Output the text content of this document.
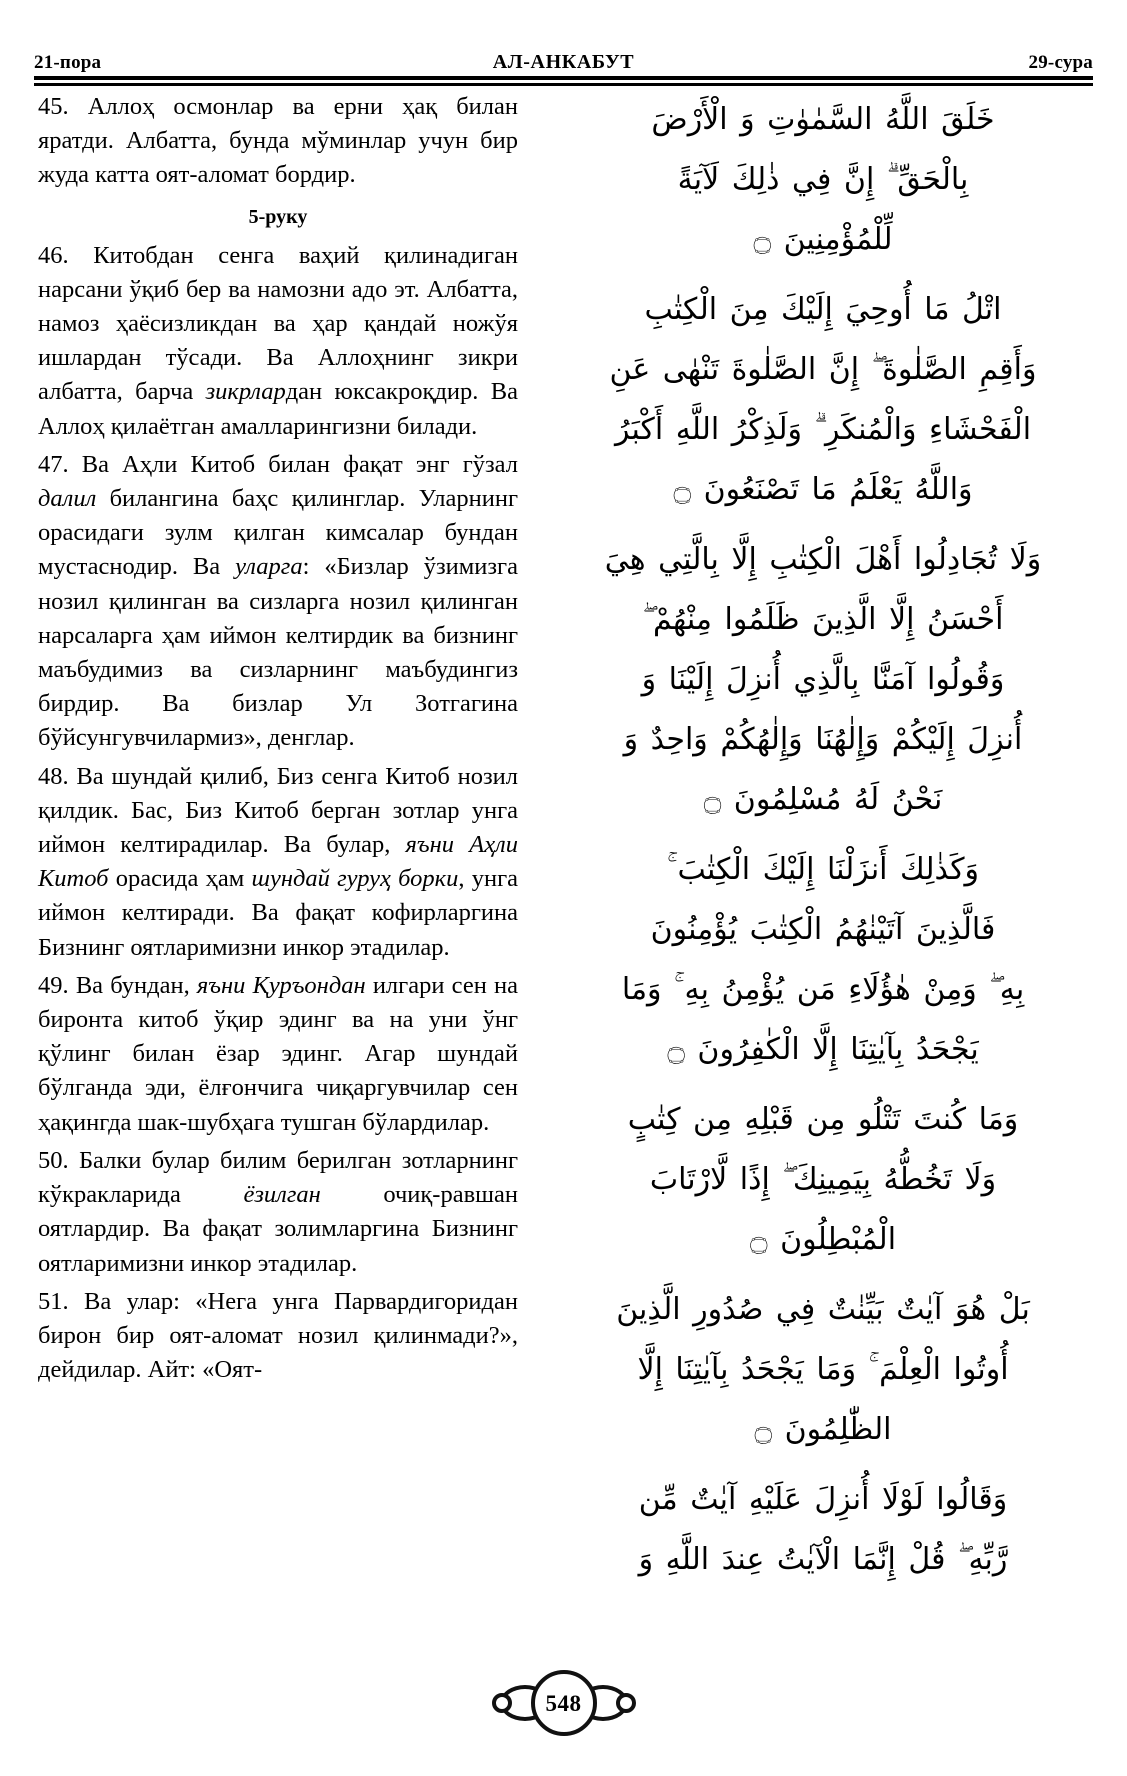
21-пора	АЛ-АНКАБУТ	29-сура

45. Аллоҳ осмонлар ва ерни ҳақ билан яратди. Албатта, бунда мўминлар учун бир жуда катта оят-аломат бордир.

5-руку

46. Китобдан сенга ваҳий қилинадиган нарсани ўқиб бер ва намозни адо эт. Албатта, намоз ҳаёсизликдан ва ҳар қандай ножўя ишлардан тўсади. Ва Аллоҳнинг зикри албатта, барча зикрлардан юксакроқдир. Ва Аллоҳ қилаётган амалларингизни билади.

47. Ва Аҳли Китоб билан фақат энг гўзал далил билангина баҳс қилинглар. Уларнинг орасидаги зулм қилган кимсалар бундан мустаснодир. Ва уларга: «Бизлар ўзимизга нозил қилинган ва сизларга нозил қилинган нарсаларга ҳам иймон келтирдик ва бизнинг маъбудимиз ва сизларнинг маъбудингиз бирдир. Ва бизлар Ул Зотгагина бўйсунгувчилармиз», денглар.

48. Ва шундай қилиб, Биз сенга Китоб нозил қилдик. Бас, Биз Китоб берган зотлар унга иймон келтирадилар. Ва булар, яъни Аҳли Китоб орасида ҳам шундай гуруҳ борки, унга иймон келтиради. Ва фақат кофирларгина Бизнинг оятларимизни инкор этадилар.

49. Ва бундан, яъни Қуръондан илгари сен на биронта китоб ўқир эдинг ва на уни ўнг қўлинг билан ёзар эдинг. Агар шундай бўлганда эди, ёлғончига чиқаргувчилар сен ҳақингда шак-шубҳага тушган бўлардилар.

50. Балки булар билим берилган зотларнинг кўкракларида ёзилган очиқ-равшан оятлардир. Ва фақат золимларгина Бизнинг оятларимизни инкор этадилар.

51. Ва улар: «Нега унга Парвардигоридан бирон бир оят-аломат нозил қилинмади?», дейдилар. Айт: «Оят-

خَلَقَ اللَّهُ السَّمٰوٰتِ وَ الْأَرْضَ
بِالْحَقِّ ۗ إِنَّ فِي ذٰلِكَ لَآيَةً
لِّلْمُؤْمِنِينَ ۝
اتْلُ مَا أُوحِيَ إِلَيْكَ مِنَ الْكِتٰبِ
وَأَقِمِ الصَّلٰوةَ ۖ إِنَّ الصَّلٰوةَ تَنْهٰى عَنِ
الْفَحْشَاءِ وَالْمُنكَرِ ۗ وَلَذِكْرُ اللَّهِ أَكْبَرُ
وَاللَّهُ يَعْلَمُ مَا تَصْنَعُونَ ۝
وَلَا تُجَادِلُوا أَهْلَ الْكِتٰبِ إِلَّا بِالَّتِي هِيَ
أَحْسَنُ إِلَّا الَّذِينَ ظَلَمُوا مِنْهُمْ ۖ
وَقُولُوا آمَنَّا بِالَّذِي أُنزِلَ إِلَيْنَا وَ
أُنزِلَ إِلَيْكُمْ وَإِلٰهُنَا وَإِلٰهُكُمْ وَاحِدٌ وَ
نَحْنُ لَهُ مُسْلِمُونَ ۝
وَكَذٰلِكَ أَنزَلْنَا إِلَيْكَ الْكِتٰبَ ۚ
فَالَّذِينَ آتَيْنٰهُمُ الْكِتٰبَ يُؤْمِنُونَ
بِهِ ۖ وَمِنْ هٰؤُلَاءِ مَن يُؤْمِنُ بِهِ ۚ وَمَا
يَجْحَدُ بِآيٰتِنَا إِلَّا الْكٰفِرُونَ ۝
وَمَا كُنتَ تَتْلُو مِن قَبْلِهِ مِن كِتٰبٍ
وَلَا تَخُطُّهُ بِيَمِينِكَ ۖ إِذًا لَّارْتَابَ
الْمُبْطِلُونَ ۝
بَلْ هُوَ آيٰتٌ بَيِّنٰتٌ فِي صُدُورِ الَّذِينَ
أُوتُوا الْعِلْمَ ۚ وَمَا يَجْحَدُ بِآيٰتِنَا إِلَّا
الظّٰلِمُونَ ۝
وَقَالُوا لَوْلَا أُنزِلَ عَلَيْهِ آيٰتٌ مِّن
رَّبِّهِ ۖ قُلْ إِنَّمَا الْآيٰتُ عِندَ اللَّهِ وَ
548
